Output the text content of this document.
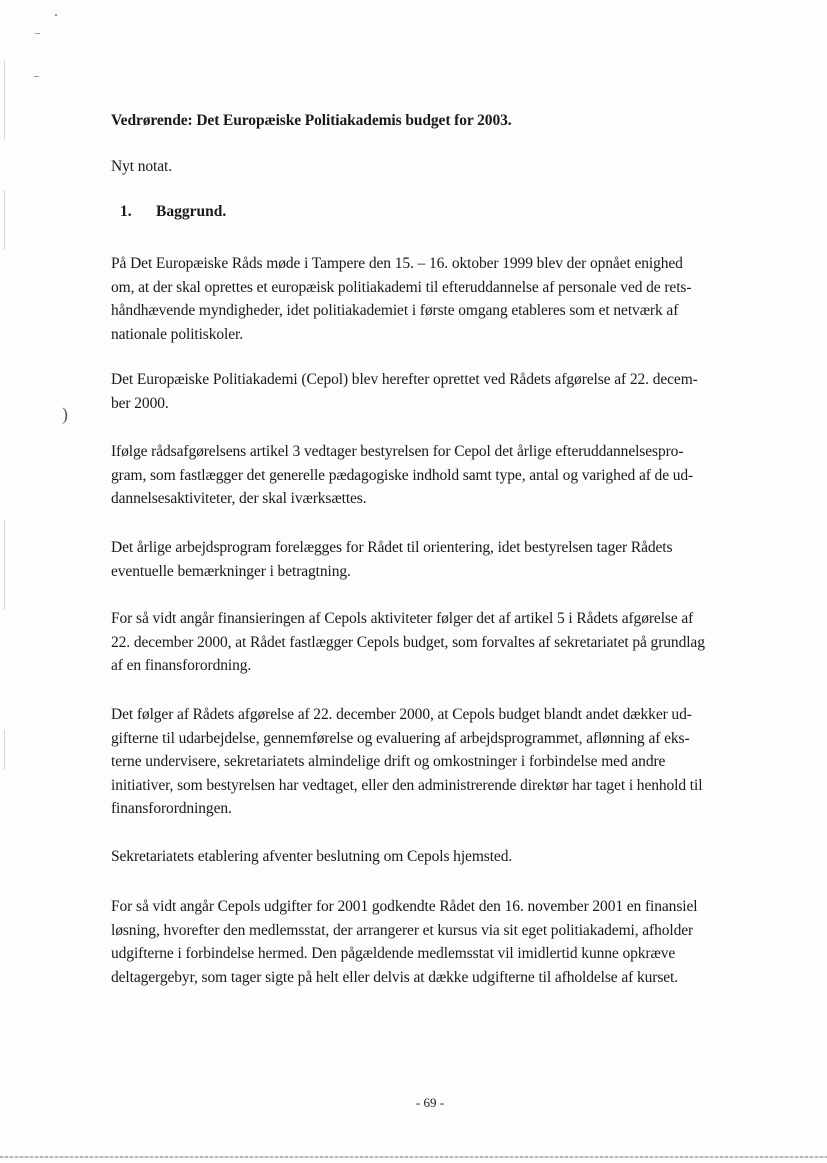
)
Vedrørende: Det Europæiske Politiakademis budget for 2003.
Nyt notat.
1. Baggrund.
På Det Europæiske Råds møde i Tampere den 15. – 16. oktober 1999 blev der opnået enighed
om, at der skal oprettes et europæisk politiakademi til efteruddannelse af personale ved de rets-
håndhævende myndigheder, idet politiakademiet i første omgang etableres som et netværk af
nationale politiskoler.
Det Europæiske Politiakademi (Cepol) blev herefter oprettet ved Rådets afgørelse af 22. decem-
ber 2000.
Ifølge rådsafgørelsens artikel 3 vedtager bestyrelsen for Cepol det årlige efteruddannelsespro-
gram, som fastlægger det generelle pædagogiske indhold samt type, antal og varighed af de ud-
dannelsesaktiviteter, der skal iværksættes.
Det årlige arbejdsprogram forelægges for Rådet til orientering, idet bestyrelsen tager Rådets
eventuelle bemærkninger i betragtning.
For så vidt angår finansieringen af Cepols aktiviteter følger det af artikel 5 i Rådets afgørelse af
22. december 2000, at Rådet fastlægger Cepols budget, som forvaltes af sekretariatet på grundlag
af en finansforordning.
Det følger af Rådets afgørelse af 22. december 2000, at Cepols budget blandt andet dækker ud-
gifterne til udarbejdelse, gennemførelse og evaluering af arbejdsprogrammet, aflønning af eks-
terne undervisere, sekretariatets almindelige drift og omkostninger i forbindelse med andre
initiativer, som bestyrelsen har vedtaget, eller den administrerende direktør har taget i henhold til
finansforordningen.
Sekretariatets etablering afventer beslutning om Cepols hjemsted.
For så vidt angår Cepols udgifter for 2001 godkendte Rådet den 16. november 2001 en finansiel
løsning, hvorefter den medlemsstat, der arrangerer et kursus via sit eget politiakademi, afholder
udgifterne i forbindelse hermed. Den pågældende medlemsstat vil imidlertid kunne opkræve
deltagergebyr, som tager sigte på helt eller delvis at dække udgifterne til afholdelse af kurset.
- 69 -
